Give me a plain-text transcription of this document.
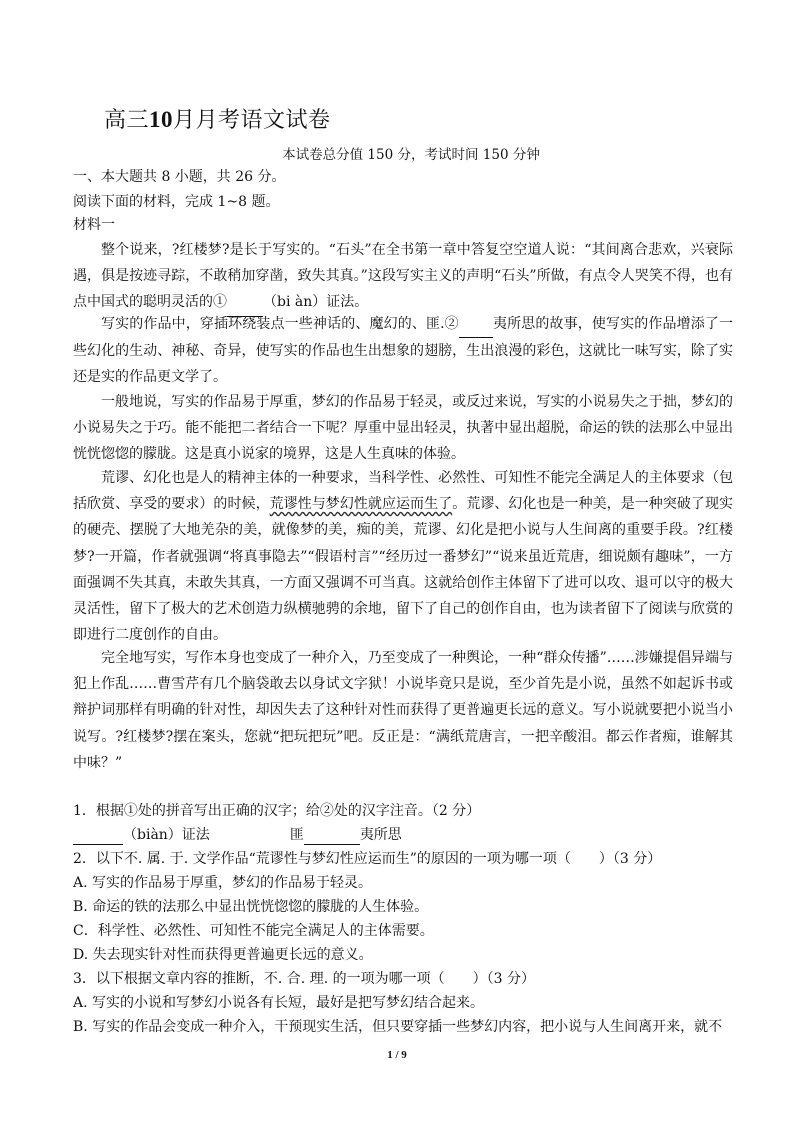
高三10月月考语文试卷
本试卷总分值 150 分，考试时间 150 分钟
一、本大题共 8 小题，共 26 分。
阅读下面的材料，完成 1~8 题。
材料一
整个说来，?红楼梦?是长于写实的。“石头”在全书第一章中答复空空道人说：“其间离合悲欢，兴衰际遇，俱是按迹寻踪，不敢稍加穿凿，致失其真。”这段写实主义的声明“石头”所做，有点令人哭笑不得，也有点中国式的聪明灵活的①	（bi àn）证法。
写实的作品中，穿插环绕装点一些神话的、魔幻的、匪.② 夷所思的故事，使写实的作品增添了一些幻化的生动、神秘、奇异，使写实的作品也生出想象的翅膀，生出浪漫的彩色，这就比一味写实，除了实还是实的作品更文学了。
一般地说，写实的作品易于厚重，梦幻的作品易于轻灵，或反过来说，写实的小说易失之于拙，梦幻的小说易失之于巧。能不能把二者结合一下呢？厚重中显出轻灵，执著中显出超脱，命运的铁的法那么中显出恍恍惚惚的朦胧。这是真小说家的境界，这是人生真味的体验。
荒谬、幻化也是人的精神主体的一种要求，当科学性、必然性、可知性不能完全满足人的主体要求（包括欣赏、享受的要求）的时候，荒谬性与梦幻性就应运而生了。荒谬、幻化也是一种美，是一种突破了现实的硬壳、摆脱了大地羌杂的美，就像梦的美，痴的美，荒谬、幻化是把小说与人生间离的重要手段。?红楼梦?一开篇，作者就强调“将真事隐去”“假语村言”“经历过一番梦幻”“说来虽近荒唐，细说颇有趣味”，一方面强调不失其真，未敢失其真，一方面又强调不可当真。这就给创作主体留下了进可以攻、退可以守的极大灵活性，留下了极大的艺术创造力纵横驰骋的余地，留下了自己的创作自由，也为读者留下了阅读与欣赏的即进行二度创作的自由。
完全地写实，写作本身也变成了一种介入，乃至变成了一种舆论，一种“群众传播”……涉嫌提倡异端与犯上作乱……曹雪芹有几个脑袋敢去以身试文字狱！小说毕竟只是说，至少首先是小说，虽然不如起诉书或辩护词那样有明确的针对性，却因失去了这种针对性而获得了更普遍更长远的意义。写小说就要把小说当小说写。?红楼梦?摆在案头，您就“把玩把玩”吧。反正是：“满纸荒唐言，一把辛酸泪。都云作者痴，谁解其中味？”
1．根据①处的拼音写出正确的汉字；给②处的汉字注音。（2 分）
（biàn）证法	匪	夷所思
2．以下不. 属. 于. 文学作品“荒谬性与梦幻性应运而生”的原因的一项为哪一项（　　）（3 分）
A. 写实的作品易于厚重，梦幻的作品易于轻灵。
B. 命运的铁的法那么中显出恍恍惚惚的朦胧的人生体验。
C．科学性、必然性、可知性不能完全满足人的主体需要。
D. 失去现实针对性而获得更普遍更长远的意义。
3．以下根据文章内容的推断，不. 合. 理. 的一项为哪一项（　　）（3 分）
A. 写实的小说和写梦幻小说各有长短，最好是把写梦幻结合起来。
B. 写实的作品会变成一种介入，干预现实生活，但只要穿插一些梦幻内容，把小说与人生间离开来，就不
1 / 9
